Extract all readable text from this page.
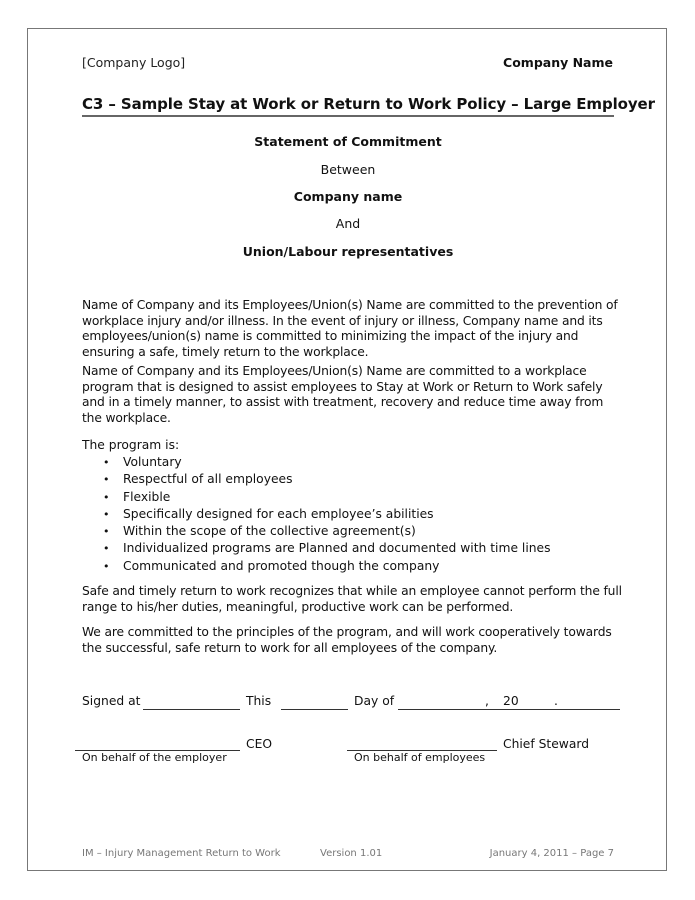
[Company Logo]	Company Name
C3 – Sample Stay at Work or Return to Work Policy – Large Employer
Statement of Commitment
Between
Company name
And
Union/Labour representatives
Name of Company and its Employees/Union(s) Name are committed to the prevention of workplace injury and/or illness. In the event of injury or illness, Company name and its employees/union(s) name is committed to minimizing the impact of the injury and ensuring a safe, timely return to the workplace.
Name of Company and its Employees/Union(s) Name are committed to a workplace program that is designed to assist employees to Stay at Work or Return to Work safely and in a timely manner, to assist with treatment, recovery and reduce time away from the workplace.
The program is:
• Voluntary
• Respectful of all employees
• Flexible
• Specifically designed for each employee’s abilities
• Within the scope of the collective agreement(s)
• Individualized programs are Planned and documented with time lines
• Communicated and promoted though the company
Safe and timely return to work recognizes that while an employee cannot perform the full range to his/her duties, meaningful, productive work can be performed.
We are committed to the principles of the program, and will work cooperatively towards the successful, safe return to work for all employees of the company.
Signed at	This	Day of	, 20	.
CEO
On behalf of the employer
Chief Steward
On behalf of employees
IM – Injury Management Return to Work	Version 1.01	January 4, 2011 – Page 7
